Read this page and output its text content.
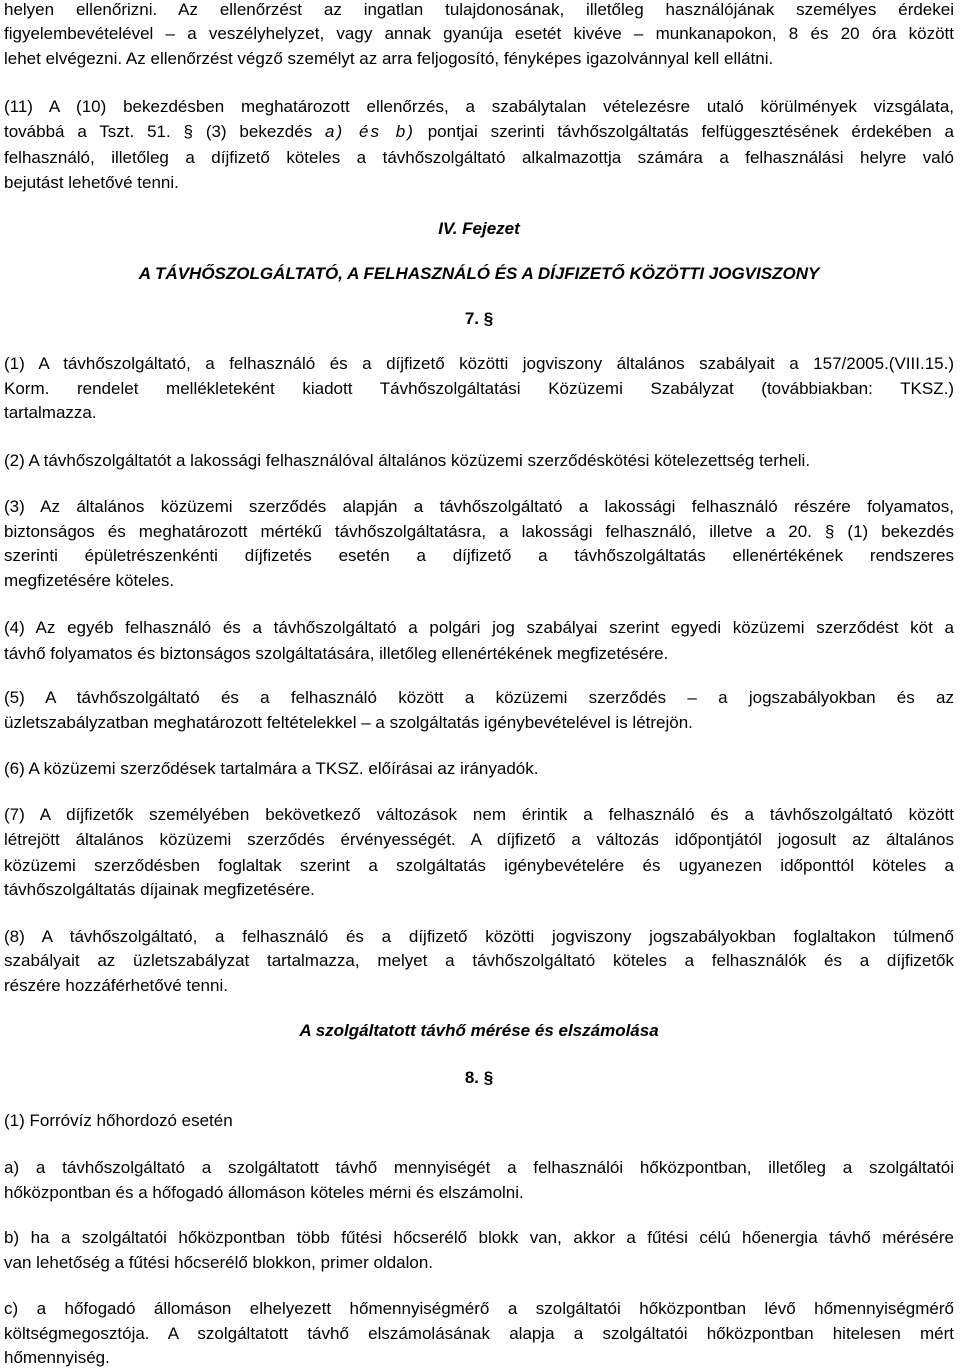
helyen ellenőrizni. Az ellenőrzést az ingatlan tulajdonosának, illetőleg használójának személyes érdekei
figyelembevételével – a veszélyhelyzet, vagy annak gyanúja esetét kivéve – munkanapokon, 8 és 20 óra között
lehet elvégezni. Az ellenőrzést végző személyt az arra feljogosító, fényképes igazolvánnyal kell ellátni.
(11) A (10) bekezdésben meghatározott ellenőrzés, a szabálytalan vételezésre utaló körülmények vizsgálata,
továbbá a Tszt. 51. § (3) bekezdés a) és b) pontjai szerinti távhőszolgáltatás felfüggesztésének érdekében a
felhasználó, illetőleg a díjfizető köteles a távhőszolgáltató alkalmazottja számára a felhasználási helyre való
bejutást lehetővé tenni.
IV. Fejezet
A TÁVHŐSZOLGÁLTATÓ, A FELHASZNÁLÓ ÉS A DÍJFIZETŐ KÖZÖTTI JOGVISZONY
7. §
(1) A távhőszolgáltató, a felhasználó és a díjfizető közötti jogviszony általános szabályait a 157/2005.(VIII.15.)
Korm. rendelet mellékleteként kiadott Távhőszolgáltatási Közüzemi Szabályzat (továbbiakban: TKSZ.)
tartalmazza.
(2) A távhőszolgáltatót a lakossági felhasználóval általános közüzemi szerződéskötési kötelezettség terheli.
(3) Az általános közüzemi szerződés alapján a távhőszolgáltató a lakossági felhasználó részére folyamatos,
biztonságos és meghatározott mértékű távhőszolgáltatásra, a lakossági felhasználó, illetve a 20. § (1) bekezdés
szerinti épületrészenkénti díjfizetés esetén a díjfizető a távhőszolgáltatás ellenértékének rendszeres
megfizetésére köteles.
(4) Az egyéb felhasználó és a távhőszolgáltató a polgári jog szabályai szerint egyedi közüzemi szerződést köt a
távhő folyamatos és biztonságos szolgáltatására, illetőleg ellenértékének megfizetésére.
(5) A távhőszolgáltató és a felhasználó között a közüzemi szerződés – a jogszabályokban és az
üzletszabályzatban meghatározott feltételekkel – a szolgáltatás igénybevételével is létrejön.
(6) A közüzemi szerződések tartalmára a TKSZ. előírásai az irányadók.
(7) A díjfizetők személyében bekövetkező változások nem érintik a felhasználó és a távhőszolgáltató között
létrejött általános közüzemi szerződés érvényességét. A díjfizető a változás időpontjától jogosult az általános
közüzemi szerződésben foglaltak szerint a szolgáltatás igénybevételére és ugyanezen időponttól köteles a
távhőszolgáltatás díjainak megfizetésére.
(8) A távhőszolgáltató, a felhasználó és a díjfizető közötti jogviszony jogszabályokban foglaltakon túlmenő
szabályait az üzletszabályzat tartalmazza, melyet a távhőszolgáltató köteles a felhasználók és a díjfizetők
részére hozzáférhetővé tenni.
A szolgáltatott távhő mérése és elszámolása
8. §
(1) Forróvíz hőhordozó esetén
a) a távhőszolgáltató a szolgáltatott távhő mennyiségét a felhasználói hőközpontban, illetőleg a szolgáltatói
hőközpontban és a hőfogadó állomáson köteles mérni és elszámolni.
b) ha a szolgáltatói hőközpontban több fűtési hőcserélő blokk van, akkor a fűtési célú hőenergia távhő mérésére
van lehetőség a fűtési hőcserélő blokkon, primer oldalon.
c) a hőfogadó állomáson elhelyezett hőmennyiségmérő a szolgáltatói hőközpontban lévő hőmennyiségmérő
költségmegosztója. A szolgáltatott távhő elszámolásának alapja a szolgáltatói hőközpontban hitelesen mért
hőmennyiség.
